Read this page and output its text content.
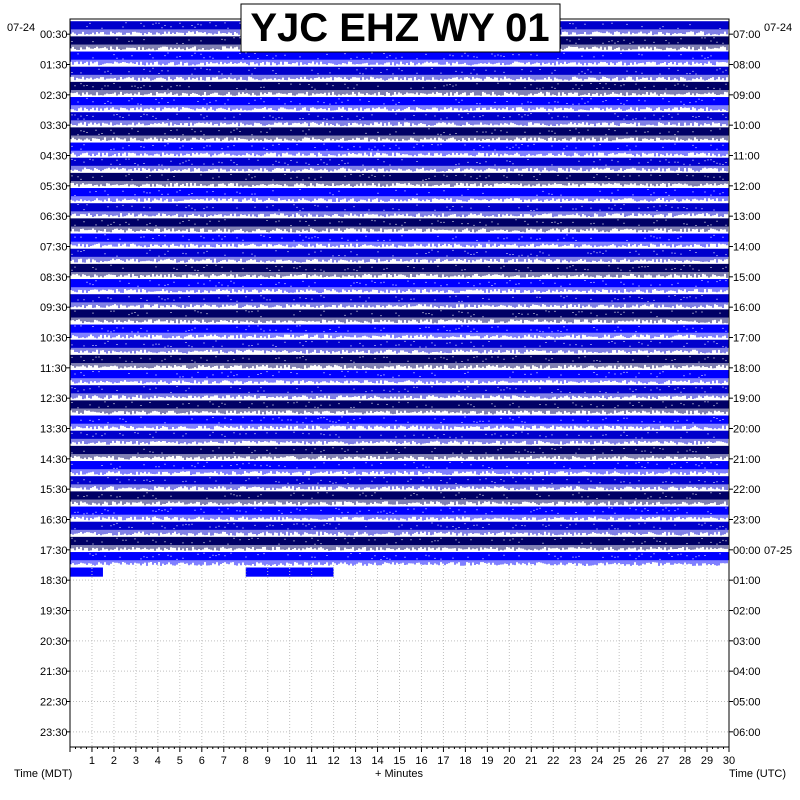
1 2 3 4 5 6 7 8 9 10 11 12 13 14 15 16 17 18 19 20 21 22 23 24 25 26 27 28 29 30
00:30
01:30
02:30
03:30
04:30
05:30
06:30
07:30
08:30
09:30
10:30
11:30
12:30
13:30
14:30
15:30
16:30
17:30
18:30
19:30
20:30
21:30
22:30
23:30
07:00
08:00
09:00
10:00
11:00
12:00
13:00
14:00
15:00
16:00
17:00
18:00
19:00
20:00
21:00
22:00
23:00
00:00
01:00
02:00
03:00
04:00
05:00
06:00
07-25
YJC EHZ WY 01
07-24	07-24
Time (MDT)	+ Minutes	Time (UTC)
